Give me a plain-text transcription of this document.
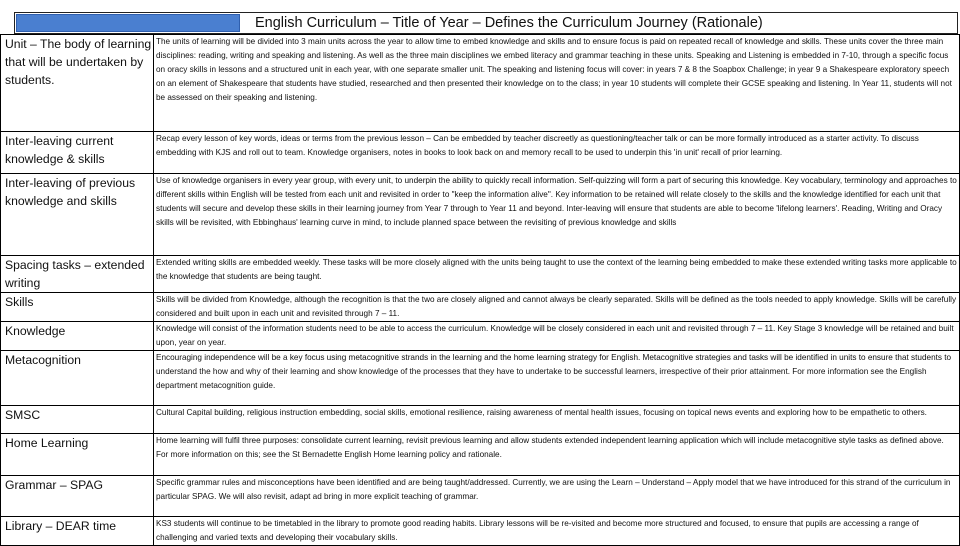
English Curriculum – Title of Year – Defines the Curriculum Journey (Rationale)
Unit – The body of learning that will be undertaken by students.	The units of learning will be divided into 3 main units across the year to allow time to embed knowledge and skills and to ensure focus is paid on repeated recall of knowledge and skills. These units cover the three main disciplines: reading, writing and speaking and listening. As well as the three main disciplines we embed literacy and grammar teaching in these units. Speaking and Listening is embedded in 7-10, through a specific focus on oracy skills in lessons and a structured unit in each year, with one separate smaller unit. The speaking and listening focus will cover: in years 7 & 8 the Soapbox Challenge; in year 9 a Shakespeare exploratory speech on an element of Shakespeare that students have studied, researched and then presented their knowledge on to the class; in year 10 students will complete their GCSE speaking and listening. In Year 11, students will not be assessed on their speaking and listening.

Inter-leaving current knowledge & skills	Recap every lesson of key words, ideas or terms from the previous lesson – Can be embedded by teacher discreetly as questioning/teacher talk or can be more formally introduced as a starter activity. To discuss embedding with KJS and roll out to team. Knowledge organisers, notes in books to look back on and memory recall to be used to underpin this 'in unit' recall of prior learning.

Inter-leaving of previous knowledge and skills	Use of knowledge organisers in every year group, with every unit, to underpin the ability to quickly recall information. Self-quizzing will form a part of securing this knowledge. Key vocabulary, terminology and approaches to different skills within English will be tested from each unit and revisited in order to "keep the information alive". Key information to be retained will relate closely to the skills and the knowledge identified for each unit that students will secure and develop these skills in their learning journey from Year 7 through to Year 11 and beyond. Inter-leaving will ensure that students are able to become 'lifelong learners'. Reading, Writing and Oracy skills will be revisited, with Ebbinghaus' learning curve in mind, to include planned space between the revisiting of previous knowledge and skills

Spacing tasks – extended writing	Extended writing skills are embedded weekly. These tasks will be more closely aligned with the units being taught to use the context of the learning being embedded to make these extended writing tasks more applicable to the knowledge that students are being taught.

Skills	Skills will be divided from Knowledge, although the recognition is that the two are closely aligned and cannot always be clearly separated. Skills will be defined as the tools needed to apply knowledge. Skills will be carefully considered and built upon in each unit and revisited through 7 – 11.

Knowledge	Knowledge will consist of the information students need to be able to access the curriculum. Knowledge will be closely considered in each unit and revisited through 7 – 11. Key Stage 3 knowledge will be retained and built upon, year on year.

Metacognition	Encouraging independence will be a key focus using metacognitive strands in the learning and the home learning strategy for English. Metacognitive strategies and tasks will be identified in units to ensure that students to understand the how and why of their learning and show knowledge of the processes that they have to undertake to be successful learners, irrespective of their prior attainment. For more information see the English department metacognition guide.

SMSC	Cultural Capital building, religious instruction embedding, social skills, emotional resilience, raising awareness of mental health issues, focusing on topical news events and exploring how to be empathetic to others.

Home Learning	Home learning will fulfil three purposes: consolidate current learning, revisit previous learning and allow students extended independent learning application which will include metacognitive style tasks as defined above. For more information on this; see the St Bernadette English Home learning policy and rationale.

Grammar – SPAG	Specific grammar rules and misconceptions have been identified and are being taught/addressed. Currently, we are using the Learn – Understand – Apply model that we have introduced for this strand of the curriculum in particular SPAG. We will also revisit, adapt ad bring in more explicit teaching of grammar.

Library – DEAR time	KS3 students will continue to be timetabled in the library to promote good reading habits. Library lessons will be re-visited and become more structured and focused, to ensure that pupils are accessing a range of challenging and varied texts and developing their vocabulary skills.
